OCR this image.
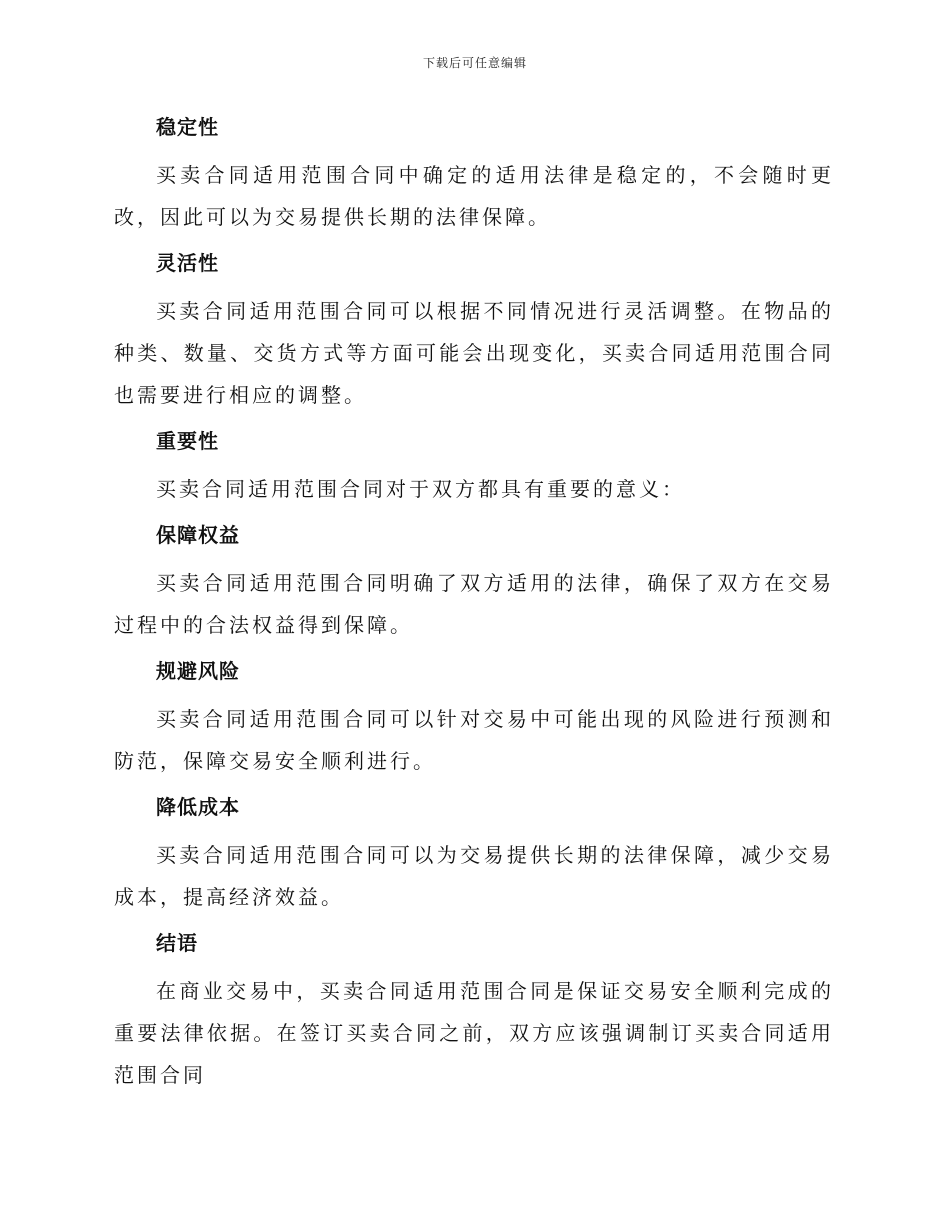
下载后可任意编辑
稳定性
买卖合同适用范围合同中确定的适用法律是稳定的，不会随时更改，因此可以为交易提供长期的法律保障。
灵活性
买卖合同适用范围合同可以根据不同情况进行灵活调整。在物品的种类、数量、交货方式等方面可能会出现变化，买卖合同适用范围合同也需要进行相应的调整。
重要性
买卖合同适用范围合同对于双方都具有重要的意义：
保障权益
买卖合同适用范围合同明确了双方适用的法律，确保了双方在交易过程中的合法权益得到保障。
规避风险
买卖合同适用范围合同可以针对交易中可能出现的风险进行预测和防范，保障交易安全顺利进行。
降低成本
买卖合同适用范围合同可以为交易提供长期的法律保障，减少交易成本，提高经济效益。
结语
在商业交易中，买卖合同适用范围合同是保证交易安全顺利完成的重要法律依据。在签订买卖合同之前，双方应该强调制订买卖合同适用范围合同
